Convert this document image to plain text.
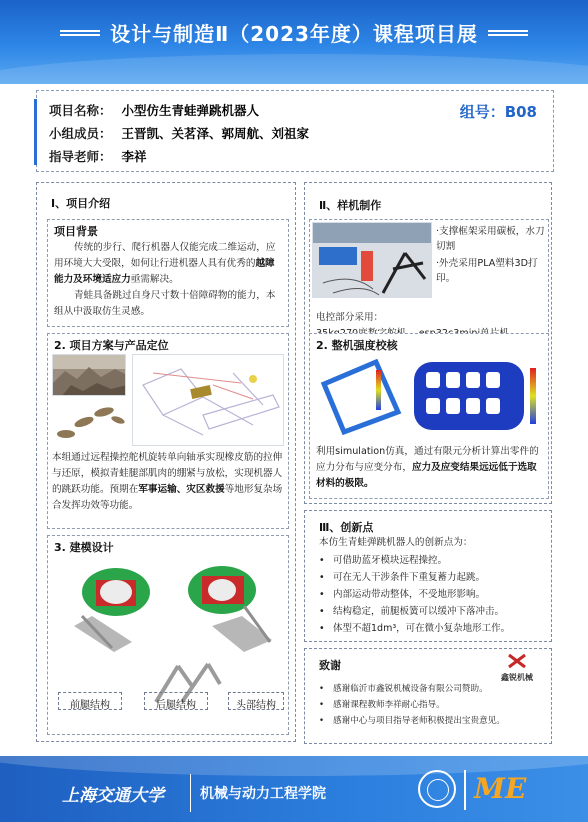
设计与制造Ⅱ（2023年度）课程项目展
项目名称： 小型仿生青蛙弹跳机器人
小组成员： 王晋凯、关茗泽、郭周航、刘祖家
指导老师： 李祥
组号：B08
Ⅰ、项目介绍
项目背景
传统的步行、爬行机器人仅能完成二维运动，应用环境大大受限，如何让行进机器人具有优秀的越障能力及环境适应力亟需解决。
青蛙具备跳过自身尺寸数十倍障碍物的能力，本组从中汲取仿生灵感。
2. 项目方案与产品定位
本组通过远程操控舵机旋转单向轴承实现橡皮筋的拉伸与还原，模拟青蛙腿部肌肉的绷紧与放松，实现机器人的跳跃功能。预期在军事运输、灾区救援等地形复杂场合发挥功效等功能。
3. 建模设计
前腿结构	后腿结构	头部结构
Ⅱ、样机制作
·支撑框架采用碳板，水刀切割
·外壳采用PLA塑料3D打印。
电控部分采用：
2. 整机强度校核
利用simulation仿真，通过有限元分析计算出零件的应力分布与应变分布，应力及应变结果远远低于选取材料的极限。
Ⅲ、创新点
本仿生青蛙弹跳机器人的创新点为：
• 可借助蓝牙模块远程操控。
• 可在无人干涉条件下重复蓄力起跳。
• 内部运动带动整体，不受地形影响。
• 结构稳定，前腿板簧可以缓冲下落冲击。
• 体型不超1dm³，可在微小复杂地形工作。
致谢
鑫锐机械
• 感谢临沂市鑫锐机械设备有限公司赞助。
• 感谢课程教师李祥耐心指导。
• 感谢中心与项目指导老师积极提出宝贵意见。
上海交通大学	机械与动力工程学院	ME
